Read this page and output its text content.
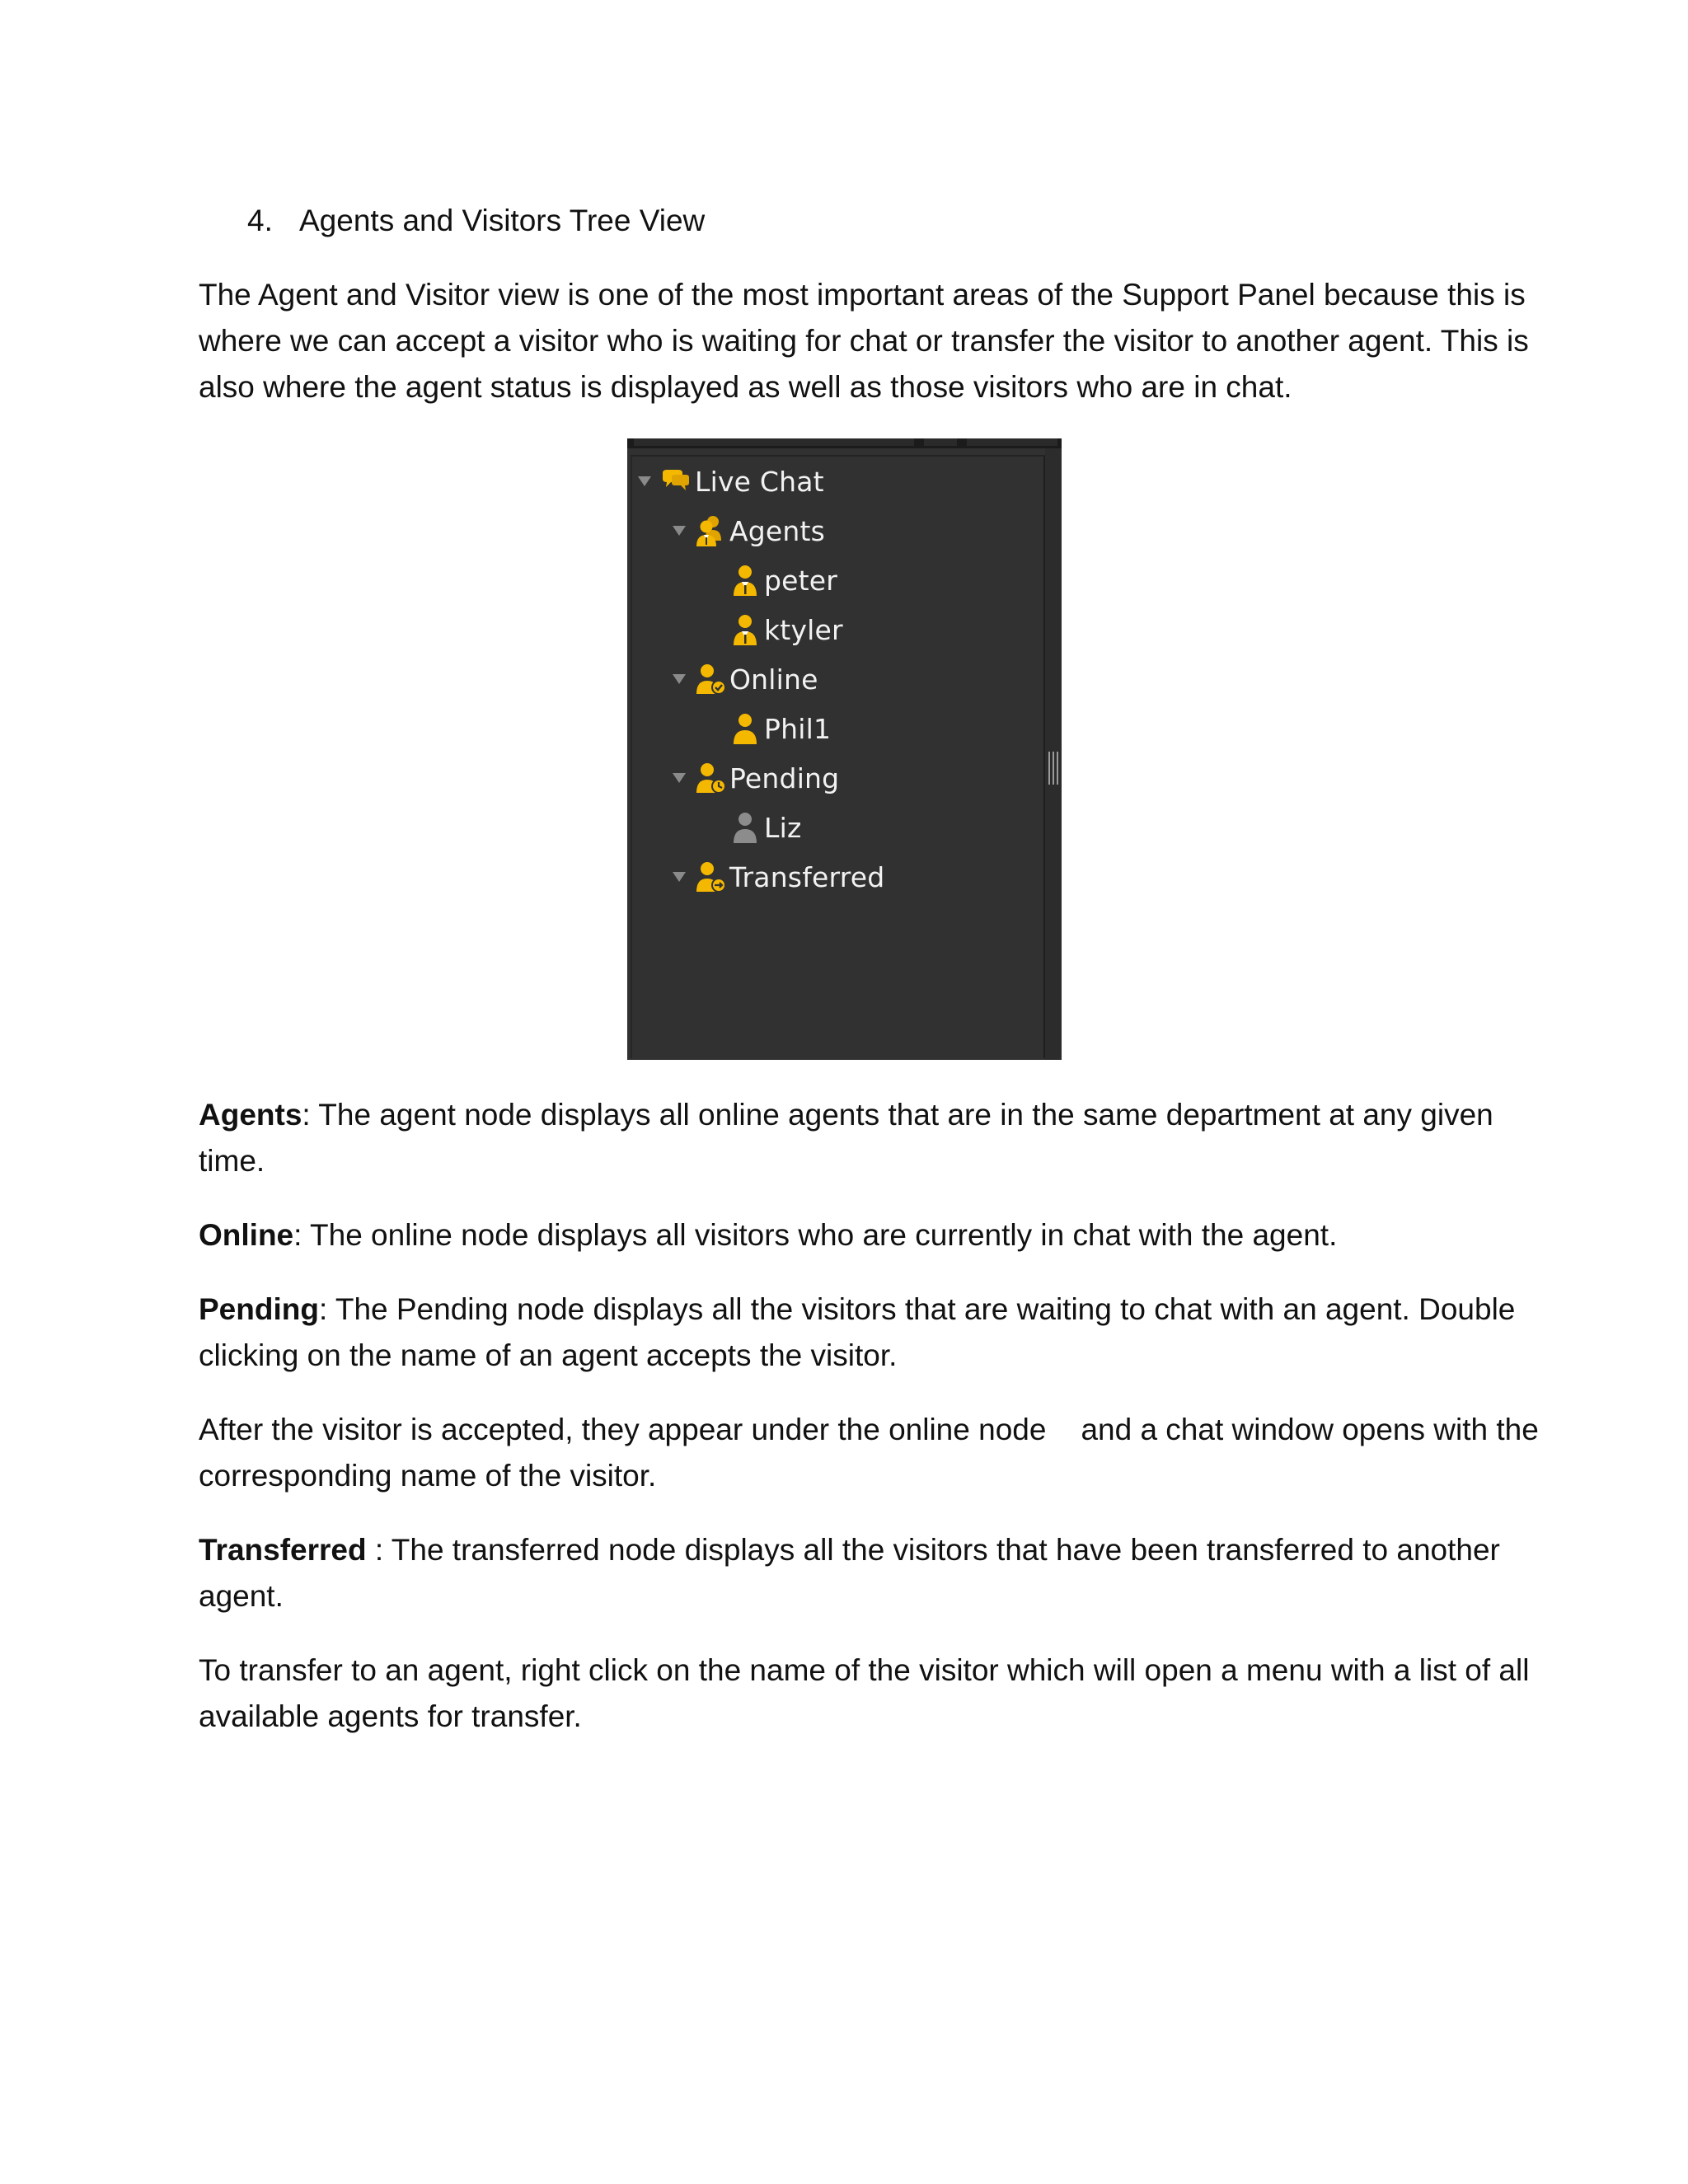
4. Agents and Visitors Tree View

The Agent and Visitor view is one of the most important areas of the Support Panel because this is where we can accept a visitor who is waiting for chat or transfer the visitor to another agent. This is also where the agent status is displayed as well as those visitors who are in chat.

Live Chat
Agents
peter
ktyler
Online
Phil1
Pending
Liz
Transferred

Agents: The agent node displays all online agents that are in the same department at any given time.

Online: The online node displays all visitors who are currently in chat with the agent.

Pending: The Pending node displays all the visitors that are waiting to chat with an agent. Double clicking on the name of an agent accepts the visitor.

After the visitor is accepted, they appear under the online node and a chat window opens with the corresponding name of the visitor.

Transferred : The transferred node displays all the visitors that have been transferred to another agent.

To transfer to an agent, right click on the name of the visitor which will open a menu with a list of all available agents for transfer.
